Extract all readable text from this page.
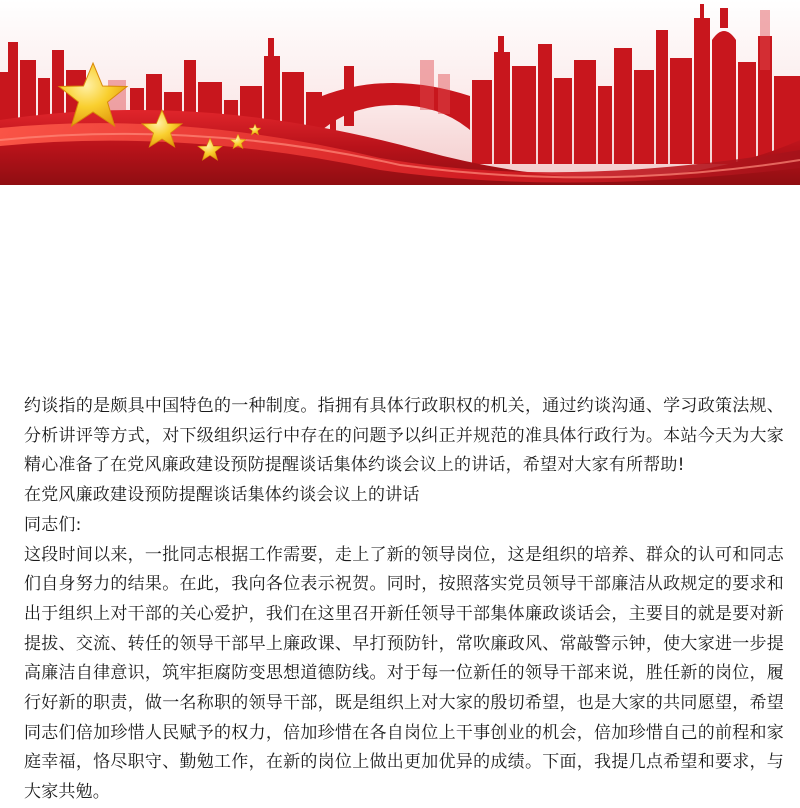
约谈指的是颇具中国特色的一种制度。指拥有具体行政职权的机关，通过约谈沟通、学习政策法规、分析讲评等方式，对下级组织运行中存在的问题予以纠正并规范的准具体行政行为。本站今天为大家精心准备了在党风廉政建设预防提醒谈话集体约谈会议上的讲话，希望对大家有所帮助!

在党风廉政建设预防提醒谈话集体约谈会议上的讲话

同志们:

这段时间以来，一批同志根据工作需要，走上了新的领导岗位，这是组织的培养、群众的认可和同志们自身努力的结果。在此，我向各位表示祝贺。同时，按照落实党员领导干部廉洁从政规定的要求和出于组织上对干部的关心爱护，我们在这里召开新任领导干部集体廉政谈话会，主要目的就是要对新提拔、交流、转任的领导干部早上廉政课、早打预防针，常吹廉政风、常敲警示钟，使大家进一步提高廉洁自律意识，筑牢拒腐防变思想道德防线。对于每一位新任的领导干部来说，胜任新的岗位，履行好新的职责，做一名称职的领导干部，既是组织上对大家的殷切希望，也是大家的共同愿望，希望同志们倍加珍惜人民赋予的权力，倍加珍惜在各自岗位上干事创业的机会，倍加珍惜自己的前程和家庭幸福，恪尽职守、勤勉工作，在新的岗位上做出更加优异的成绩。下面，我提几点希望和要求，与大家共勉。
